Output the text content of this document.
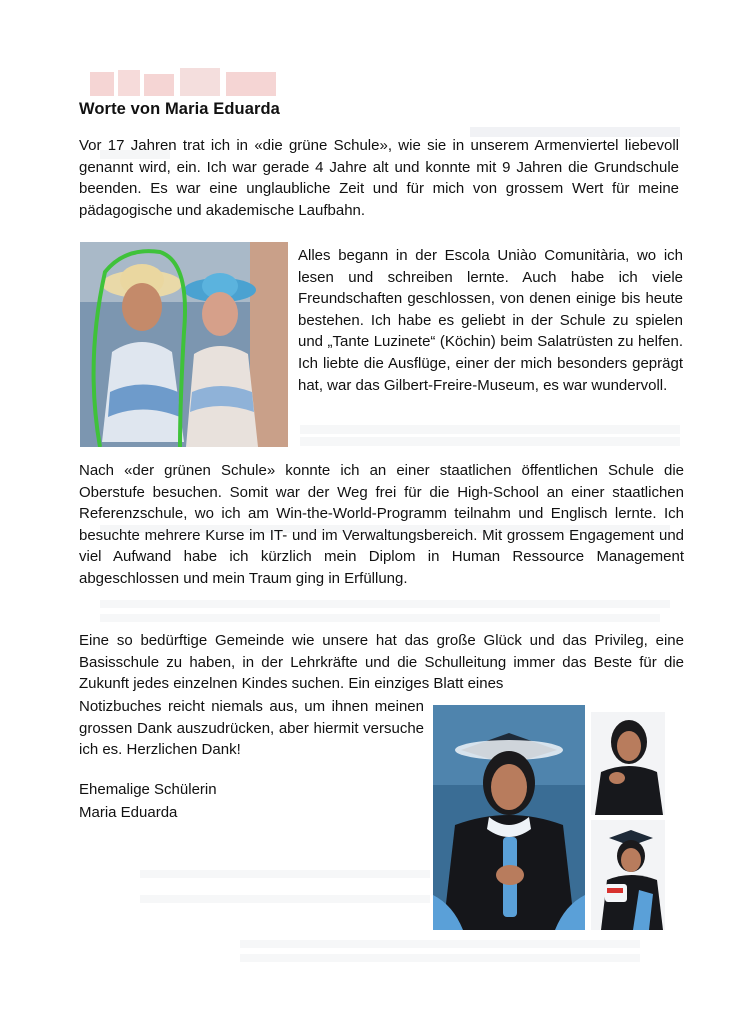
Worte von Maria Eduarda

Vor 17 Jahren trat ich in «die grüne Schule», wie sie in unserem Armenviertel liebevoll genannt wird, ein. Ich war gerade 4 Jahre alt und konnte mit 9 Jahren die Grundschule beenden. Es war eine unglaubliche Zeit und für mich von grossem Wert für meine pädagogische und akademische Laufbahn.

Alles begann in der Escola Uniào Comunitària, wo ich lesen und schreiben lernte. Auch habe ich viele Freundschaften geschlossen, von denen einige bis heute bestehen. Ich habe es geliebt in der Schule zu spielen und „Tante Luzinete“ (Köchin) beim Salatrüsten zu helfen. Ich liebte die Ausflüge, einer der mich besonders geprägt hat, war das Gilbert-Freire-Museum, es war wundervoll.

Nach «der grünen Schule» konnte ich an einer staatlichen öffentlichen Schule die Oberstufe besuchen. Somit war der Weg frei für die High-School an einer staatlichen Referenzschule, wo ich am Win-the-World-Programm teilnahm und Englisch lernte. Ich besuchte mehrere Kurse im IT- und im Verwaltungsbereich. Mit grossem Engagement und viel Aufwand habe ich kürzlich mein Diplom in Human Ressource Management abgeschlossen und mein Traum ging in Erfüllung.

Eine so bedürftige Gemeinde wie unsere hat das große Glück und das Privileg, eine Basisschule zu haben, in der Lehrkräfte und die Schulleitung immer das Beste für die Zukunft jedes einzelnen Kindes suchen. Ein einziges Blatt eines

Notizbuches reicht niemals aus, um ihnen meinen grossen Dank auszudrücken, aber hiermit versuche ich es. Herzlichen Dank!

Ehemalige Schülerin
Maria Eduarda
